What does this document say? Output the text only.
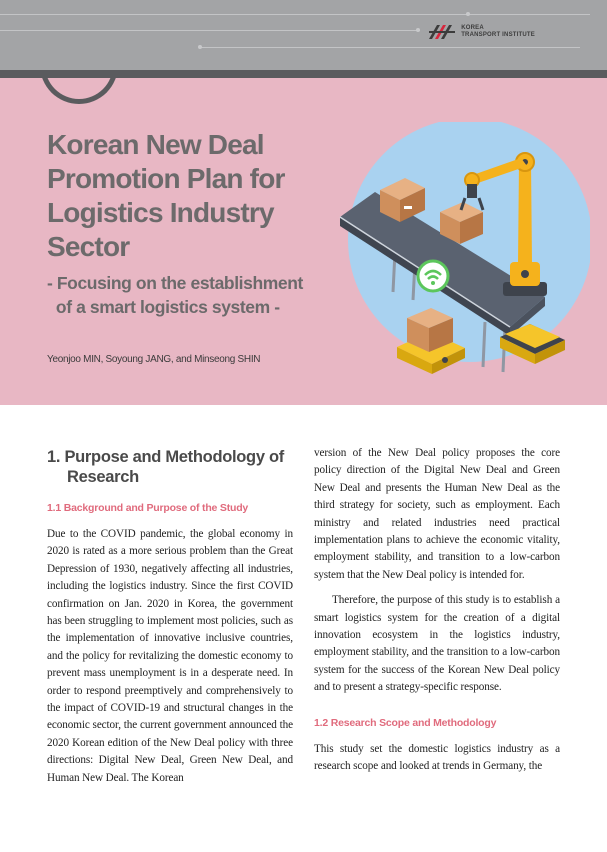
KOREA
TRANSPORT INSTITUTE
Korean New Deal
Promotion Plan for
Logistics Industry
Sector
- Focusing on the establishment
of a smart logistics system -
Yeonjoo MIN, Soyoung JANG, and Minseong SHIN
1. Purpose and Methodology of Research
1.1 Background and Purpose of the Study

Due to the COVID pandemic, the global economy in 2020 is rated as a more serious problem than the Great Depression of 1930, negatively affecting all industries, including the logistics industry. Since the first COVID confirmation on Jan. 2020 in Korea, the government has been struggling to implement most policies, such as the implementation of innovative inclusive countries, and the policy for revitalizing the domestic economy to prevent mass unemployment is in a desperate need. In order to respond preemptively and comprehensively to the impact of COVID-19 and structural changes in the economic sector, the current government announced the 2020 Korean edition of the New Deal policy with three directions: Digital New Deal, Green New Deal, and Human New Deal. The Korean

version of the New Deal policy proposes the core policy direction of the Digital New Deal and Green New Deal and presents the Human New Deal as the third strategy for society, such as employment. Each ministry and related industries need practical implementation plans to achieve the economic vitality, employment stability, and transition to a low-carbon system that the New Deal policy is intended for.

Therefore, the purpose of this study is to establish a smart logistics system for the creation of a digital innovation ecosystem in the logistics industry, employment stability, and the transition to a low-carbon system for the success of the Korean New Deal policy and to present a strategy-specific response.

1.2 Research Scope and Methodology

This study set the domestic logistics industry as a research scope and looked at trends in Germany, the
